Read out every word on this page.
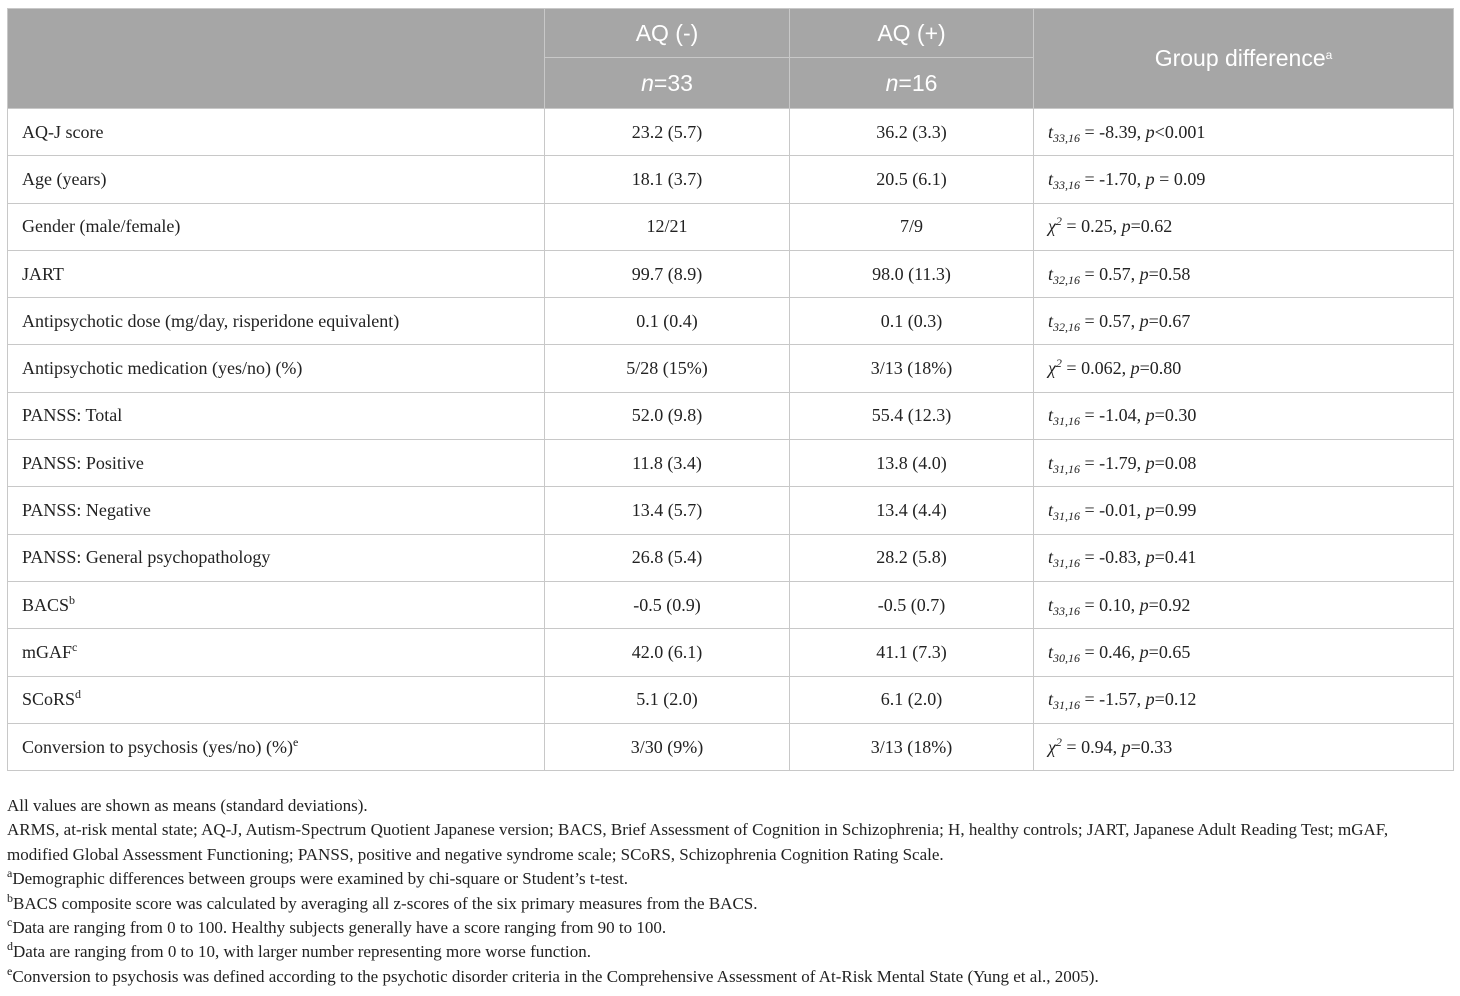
	AQ (-)	AQ (+)	Group difference$^a$
	n=33	n=16	
AQ-J score	23.2 (5.7)	36.2 (3.3)	$t_{33,16} = -8.39$, p<0.001
Age (years)	18.1 (3.7)	20.5 (6.1)	$t_{33,16} = -1.70$, p = 0.09
Gender (male/female)	12/21	7/9	$\chi^2 = 0.25$, p=0.62
JART	99.7 (8.9)	98.0 (11.3)	$t_{32,16} = 0.57$, p=0.58
Antipsychotic dose (mg/day, risperidone equivalent)	0.1 (0.4)	0.1 (0.3)	$t_{32,16} = 0.57$, p=0.67
Antipsychotic medication (yes/no) (%)	5/28 (15%)	3/13 (18%)	$\chi^2 = 0.062$, p=0.80
PANSS: Total	52.0 (9.8)	55.4 (12.3)	$t_{31,16} = -1.04$, p=0.30
PANSS: Positive	11.8 (3.4)	13.8 (4.0)	$t_{31,16} = -1.79$, p=0.08
PANSS: Negative	13.4 (5.7)	13.4 (4.4)	$t_{31,16} = -0.01$, p=0.99
PANSS: General psychopathology	26.8 (5.4)	28.2 (5.8)	$t_{31,16} = -0.83$, p=0.41
BACS$^b$	-0.5 (0.9)	-0.5 (0.7)	$t_{33,16} = 0.10$, p=0.92
mGAF$^c$	42.0 (6.1)	41.1 (7.3)	$t_{30,16} = 0.46$, p=0.65
SCoRS$^d$	5.1 (2.0)	6.1 (2.0)	$t_{31,16} = -1.57$, p=0.12
Conversion to psychosis (yes/no) (%)$^e$	3/30 (9%)	3/13 (18%)	$\chi^2 = 0.94$, p=0.33

All values are shown as means (standard deviations).

ARMS, at-risk mental state; AQ-J, Autism-Spectrum Quotient Japanese version; BACS, Brief Assessment of Cognition in Schizophrenia; H, healthy controls; JART, Japanese Adult Reading Test; mGAF, modified Global Assessment Functioning; PANSS, positive and negative syndrome scale; SCoRS, Schizophrenia Cognition Rating Scale.

$^a$Demographic differences between groups were examined by chi-square or Student’s t-test.

$^b$BACS composite score was calculated by averaging all z-scores of the six primary measures from the BACS.

$^c$Data are ranging from 0 to 100. Healthy subjects generally have a score ranging from 90 to 100.

$^d$Data are ranging from 0 to 10, with larger number representing more worse function.

$^e$Conversion to psychosis was defined according to the psychotic disorder criteria in the Comprehensive Assessment of At-Risk Mental State (Yung et al., 2005).
